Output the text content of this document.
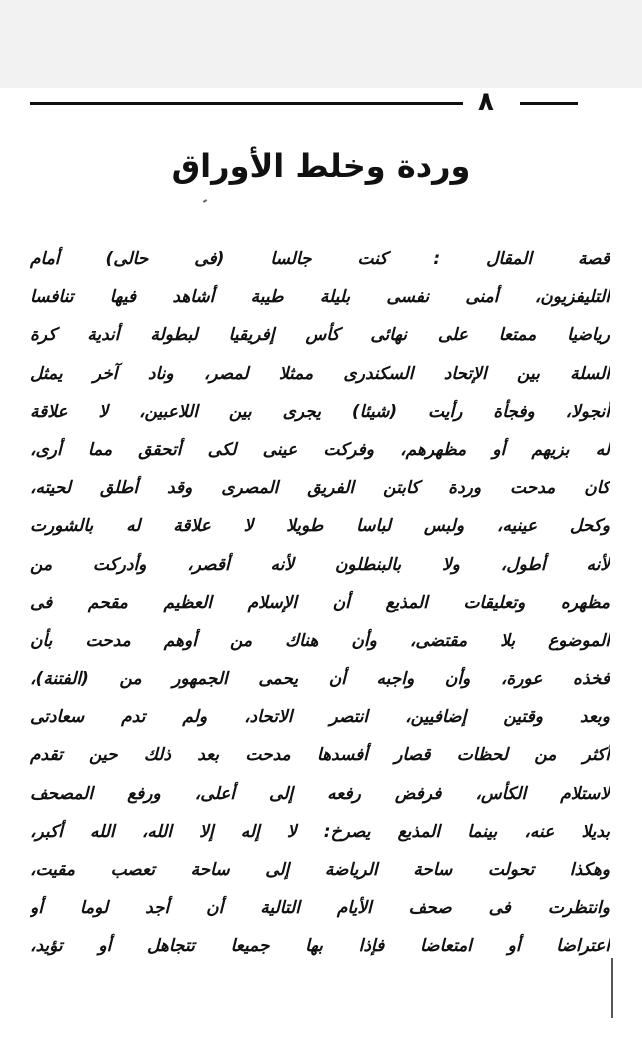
٨
وردة وخلط الأوراق
قصة المقال : كنت جالسا (فى حالى) أمام
التليفزيون، أمنى نفسى بليلة طيبة أشاهد فيها تنافسا
رياضيا ممتعا على نهائى كأس إفريقيا لبطولة أندية كرة
السلة بين الإتحاد السكندرى ممثلا لمصر، وناد آخر يمثل
أنجولا، وفجأة رأيت (شيئا) يجرى بين اللاعبين، لا علاقة
له بزيهم أو مظهرهم، وفركت عينى لكى أتحقق مما أرى،
كان مدحت وردة كابتن الفريق المصرى وقد أطلق لحيته،
وكحل عينيه، ولبس لباسا طويلا لا علاقة له بالشورت
لأنه أطول، ولا بالبنطلون لأنه أقصر، وأدركت من
مظهره وتعليقات المذيع أن الإسلام العظيم مقحم فى
الموضوع بلا مقتضى، وأن هناك من أوهم مدحت بأن
فخذه عورة، وأن واجبه أن يحمى الجمهور من (الفتنة)،
وبعد وقتين إضافيين، انتصر الاتحاد، ولم تدم سعادتى
أكثر من لحظات قصار أفسدها مدحت بعد ذلك حين تقدم
لاستلام الكأس، فرفض رفعه إلى أعلى، ورفع المصحف
بديلا عنه، بينما المذيع يصرخ: لا إله إلا الله، الله أكبر،
وهكذا تحولت ساحة الرياضة إلى ساحة تعصب مقيت،
وانتظرت فى صحف الأيام التالية أن أجد لوما أو
اعتراضا أو امتعاضا فإذا بها جميعا تتجاهل أو تؤيد،
